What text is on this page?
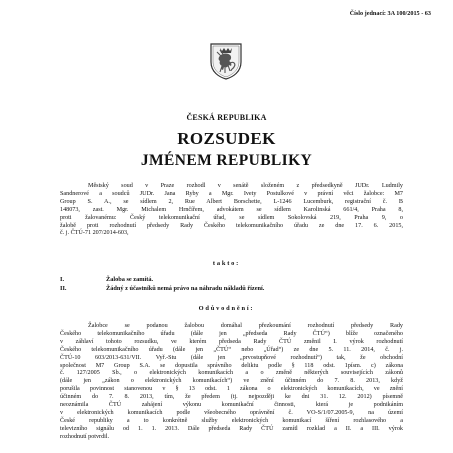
Číslo jednací: 3A 100/2015 - 63
ČESKÁ REPUBLIKA
ROZSUDEK
JMÉNEM REPUBLIKY
Městský soud v Praze rozhodl v senátě složeném z předsedkyně JUDr. Ludmily
Sandnerové a soudců JUDr. Jana Ryby a Mgr. Ivety Postulkové v právní věci žalobce: M7
Group S. A., se sídlem 2, Rue Albert Borschette, L-1246 Lucemburk, registrační č. B
148073, zast. Mgr. Michalem Hrnčířem, advokátem se sídlem Karolinská 661/4, Praha 8,
proti žalovanému: Český telekomunikační úřad, se sídlem Sokolovská 219, Praha 9, o
žalobě proti rozhodnutí předsedy Rady Českého telekomunikačního úřadu ze dne 17. 6. 2015,
č. j. ČTÚ-71 207/2014-603,
takto:
I.	Žaloba se zamítá.
II.	Žádný z účastníků nemá právo na náhradu nákladů řízení.
Odůvodnění:
Žalobce se podanou žalobou domáhal přezkoumání rozhodnutí předsedy Rady
Českého telekomunikačního úřadu (dále jen „předseda Rady ČTÚ“) blíže označeného
v záhlaví tohoto rozsudku, ve kterém předseda Rady ČTÚ změnil I. výrok rozhodnutí
Českého telekomunikačního úřadu (dále jen „ČTÚ“ nebo „Úřad“) ze dne 5. 11. 2014, č. j.
ČTÚ-10 603/2013-631/VII. Vyř.-Stu (dále jen „prvostupňové rozhodnutí“) tak, že obchodní
společnost M7 Group S.A. se dopustila správního deliktu podle § 118 odst. 1písm. c) zákona
č. 127/2005 Sb., o elektronických komunikacích a o změně některých souvisejících zákonů
(dále jen „zákon o elektronických komunikacích“) ve znění účinném do 7. 8. 2013, když
porušila povinnost stanovenou v § 13 odst. 1 zákona o elektronických komunikacích, ve znění
účinném do 7. 8. 2013, tím, že předem (tj. nejpozději ke dni 31. 12. 2012) písemně
neoznámila ČTÚ zahájení výkonu komunikační činnosti, která je podnikáním
v elektronických komunikacích podle všeobecného oprávnění č. VO-S/1/07.2005-9, na území
České republiky a to konkrétně služby elektronických komunikací šíření rozhlasového a
televizního signálu od 1. 1. 2013. Dále předseda Rady ČTÚ zamítl rozklad a II. a III. výrok
rozhodnutí potvrdil.
